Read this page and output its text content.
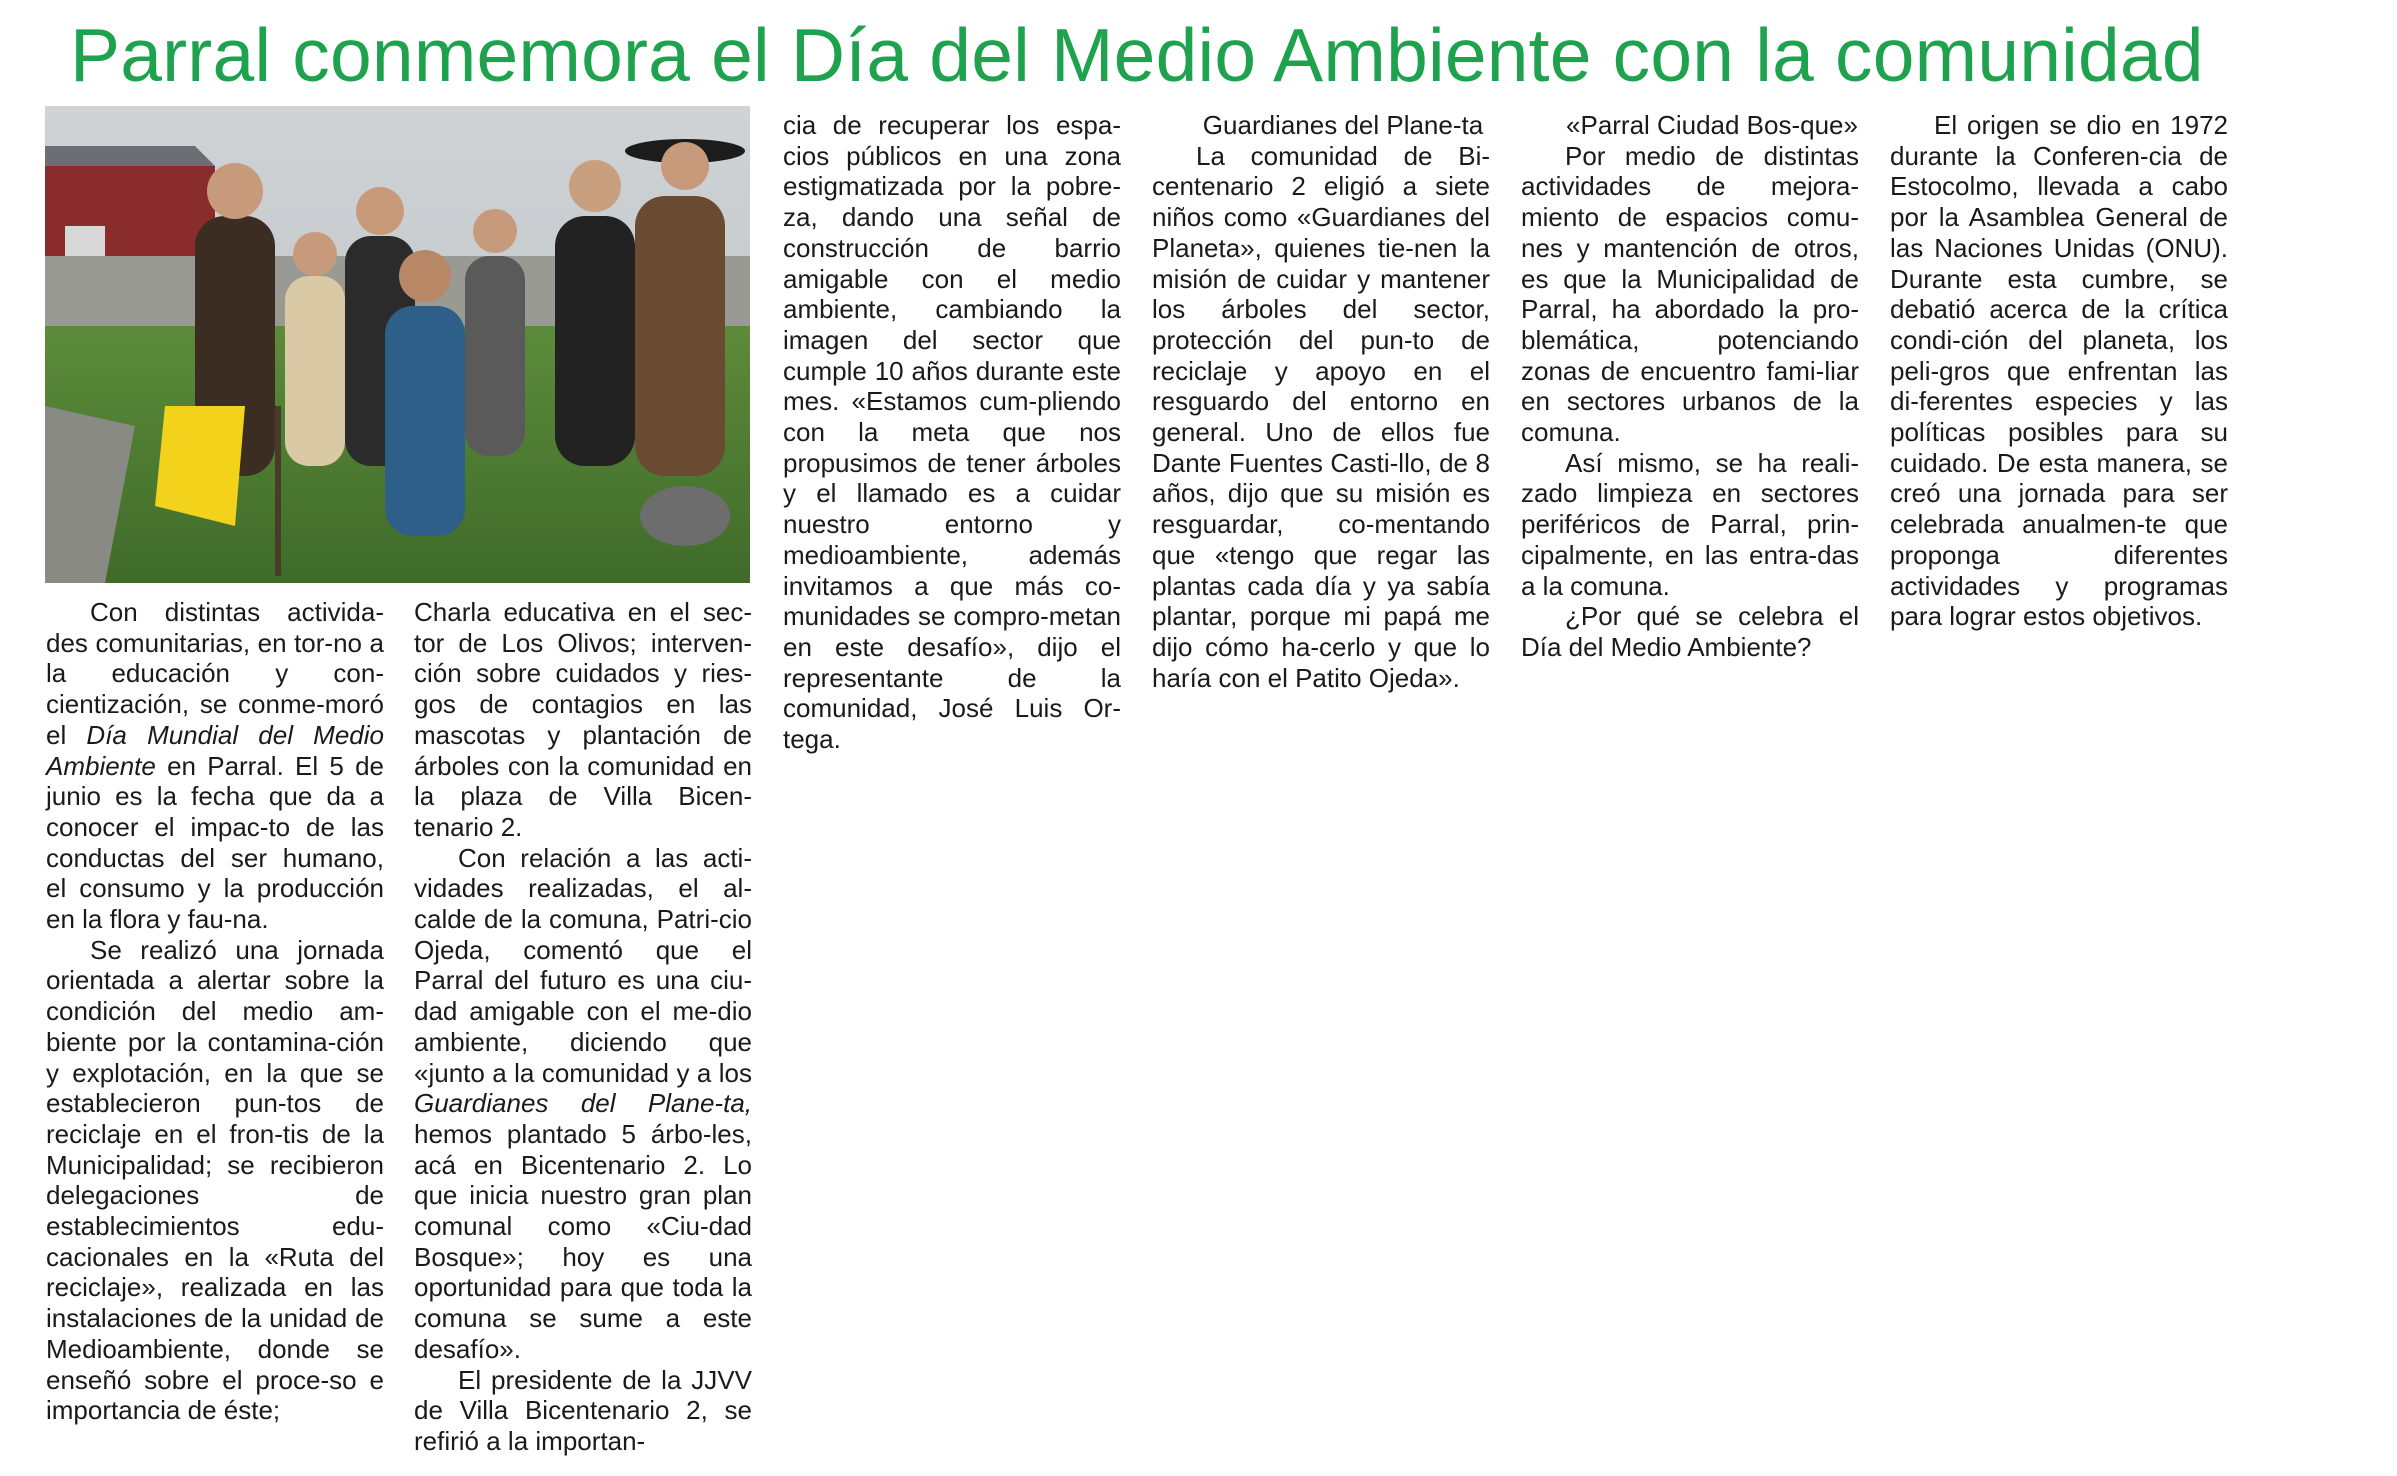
Parral conmemora el Día del Medio Ambiente con la comunidad

Con distintas activida-des comunitarias, en tor-no a la educación y con-cientización, se conme-moró el Día Mundial del Medio Ambiente en Parral. El 5 de junio es la fecha que da a conocer el impac-to de las conductas del ser humano, el consumo y la producción en la flora y fau-na.

Se realizó una jornada orientada a alertar sobre la condición del medio am-biente por la contamina-ción y explotación, en la que se establecieron pun-tos de reciclaje en el fron-tis de la Municipalidad; se recibieron delegaciones de establecimientos edu-cacionales en la «Ruta del reciclaje», realizada en las instalaciones de la unidad de Medioambiente, donde se enseñó sobre el proce-so e importancia de éste;

Charla educativa en el sec-tor de Los Olivos; interven-ción sobre cuidados y ries-gos de contagios en las mascotas y plantación de árboles con la comunidad en la plaza de Villa Bicen-tenario 2.

Con relación a las acti-vidades realizadas, el al-calde de la comuna, Patri-cio Ojeda, comentó que el Parral del futuro es una ciu-dad amigable con el me-dio ambiente, diciendo que «junto a la comunidad y a los Guardianes del Plane-ta, hemos plantado 5 árbo-les, acá en Bicentenario 2. Lo que inicia nuestro gran plan comunal como «Ciu-dad Bosque»; hoy es una oportunidad para que toda la comuna se sume a este desafío».

El presidente de la JJVV de Villa Bicentenario 2, se refirió a la importan-

cia de recuperar los espa-cios públicos en una zona estigmatizada por la pobre-za, dando una señal de construcción de barrio amigable con el medio ambiente, cambiando la imagen del sector que cumple 10 años durante este mes. «Estamos cum-pliendo con la meta que nos propusimos de tener árboles y el llamado es a cuidar nuestro entorno y medioambiente, además invitamos a que más co-munidades se compro-metan en este desafío», dijo el representante de la comunidad, José Luis Or-tega.

Guardianes del Plane-ta

La comunidad de Bi-centenario 2 eligió a siete niños como «Guardianes del Planeta», quienes tie-nen la misión de cuidar y mantener los árboles del sector, protección del pun-to de reciclaje y apoyo en el resguardo del entorno en general. Uno de ellos fue Dante Fuentes Casti-llo, de 8 años, dijo que su misión es resguardar, co-mentando que «tengo que regar las plantas cada día y ya sabía plantar, porque mi papá me dijo cómo ha-cerlo y que lo haría con el Patito Ojeda».

«Parral Ciudad Bos-que»

Por medio de distintas actividades de mejora-miento de espacios comu-nes y mantención de otros, es que la Municipalidad de Parral, ha abordado la pro-blemática, potenciando zonas de encuentro fami-liar en sectores urbanos de la comuna.

Así mismo, se ha reali-zado limpieza en sectores periféricos de Parral, prin-cipalmente, en las entra-das a la comuna.

¿Por qué se celebra el Día del Medio Ambiente?

El origen se dio en 1972 durante la Conferen-cia de Estocolmo, llevada a cabo por la Asamblea General de las Naciones Unidas (ONU). Durante esta cumbre, se debatió acerca de la crítica condi-ción del planeta, los peli-gros que enfrentan las di-ferentes especies y las políticas posibles para su cuidado. De esta manera, se creó una jornada para ser celebrada anualmen-te que proponga diferentes actividades y programas para lograr estos objetivos.
